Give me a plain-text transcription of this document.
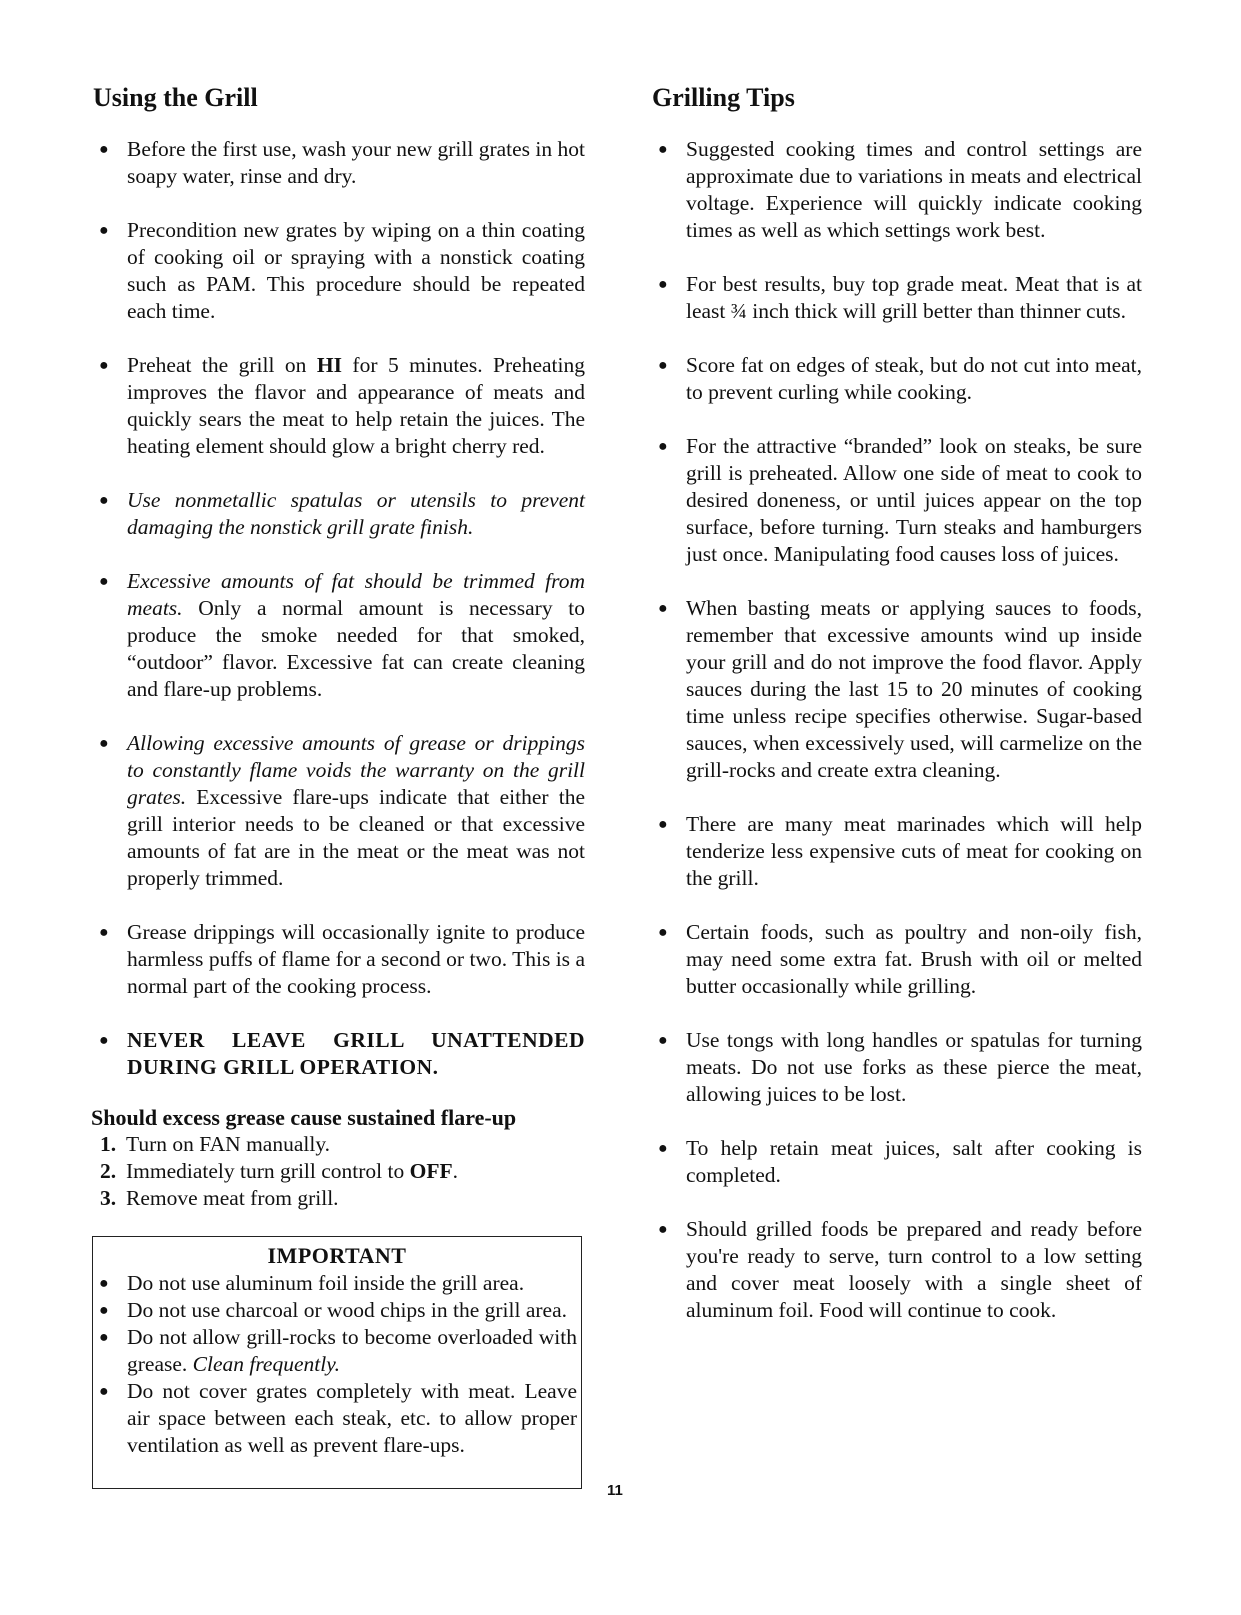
Using the Grill
● Before the first use, wash your new grill grates in hot soapy water, rinse and dry.
● Precondition new grates by wiping on a thin coating of cooking oil or spraying with a nonstick coating such as PAM. This procedure should be repeated each time.
● Preheat the grill on HI for 5 minutes. Preheating improves the flavor and appearance of meats and quickly sears the meat to help retain the juices. The heating element should glow a bright cherry red.
● Use nonmetallic spatulas or utensils to prevent damaging the nonstick grill grate finish.
● Excessive amounts of fat should be trimmed from meats. Only a normal amount is necessary to produce the smoke needed for that smoked, “outdoor” flavor. Excessive fat can create cleaning and flare-up problems.
● Allowing excessive amounts of grease or drippings to constantly flame voids the warranty on the grill grates. Excessive flare-ups indicate that either the grill interior needs to be cleaned or that excessive amounts of fat are in the meat or the meat was not properly trimmed.
● Grease drippings will occasionally ignite to produce harmless puffs of flame for a second or two. This is a normal part of the cooking process.
● NEVER LEAVE GRILL UNATTENDED DURING GRILL OPERATION.
Should excess grease cause sustained flare-up
1. Turn on FAN manually.
2. Immediately turn grill control to OFF.
3. Remove meat from grill.
IMPORTANT
● Do not use aluminum foil inside the grill area.
● Do not use charcoal or wood chips in the grill area.
● Do not allow grill-rocks to become overloaded with grease. Clean frequently.
● Do not cover grates completely with meat. Leave air space between each steak, etc. to allow proper ventilation as well as prevent flare-ups.
Grilling Tips
● Suggested cooking times and control settings are approximate due to variations in meats and electrical voltage. Experience will quickly indicate cooking times as well as which settings work best.
● For best results, buy top grade meat. Meat that is at least ¾ inch thick will grill better than thinner cuts.
● Score fat on edges of steak, but do not cut into meat, to prevent curling while cooking.
● For the attractive “branded” look on steaks, be sure grill is preheated. Allow one side of meat to cook to desired doneness, or until juices appear on the top surface, before turning. Turn steaks and hamburgers just once. Manipulating food causes loss of juices.
● When basting meats or applying sauces to foods, remember that excessive amounts wind up inside your grill and do not improve the food flavor. Apply sauces during the last 15 to 20 minutes of cooking time unless recipe specifies otherwise. Sugar-based sauces, when excessively used, will carmelize on the grill-rocks and create extra cleaning.
● There are many meat marinades which will help tenderize less expensive cuts of meat for cooking on the grill.
● Certain foods, such as poultry and non-oily fish, may need some extra fat. Brush with oil or melted butter occasionally while grilling.
● Use tongs with long handles or spatulas for turning meats. Do not use forks as these pierce the meat, allowing juices to be lost.
● To help retain meat juices, salt after cooking is completed.
● Should grilled foods be prepared and ready before you're ready to serve, turn control to a low setting and cover meat loosely with a single sheet of aluminum foil. Food will continue to cook.
11
